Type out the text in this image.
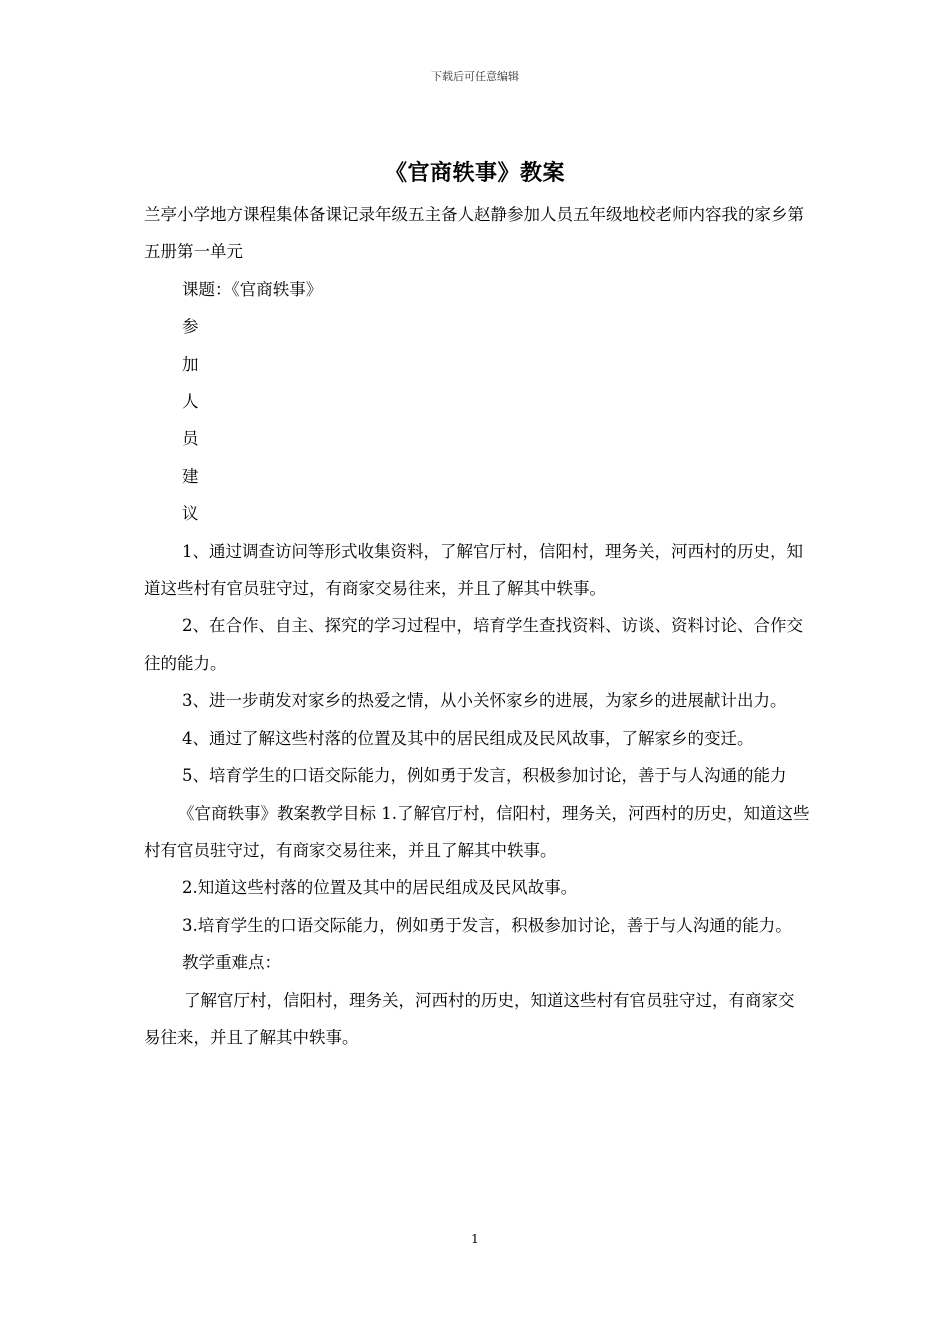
下载后可任意编辑
《官商轶事》教案

兰亭小学地方课程集体备课记录年级五主备人赵静参加人员五年级地校老师内容我的家乡第五册第一单元

课题：《官商轶事》

参

加

人

员

建

议

1、通过调查访问等形式收集资料，了解官厅村，信阳村，理务关，河西村的历史，知道这些村有官员驻守过，有商家交易往来，并且了解其中轶事。

2、在合作、自主、探究的学习过程中，培育学生查找资料、访谈、资料讨论、合作交往的能力。

3、进一步萌发对家乡的热爱之情，从小关怀家乡的进展，为家乡的进展献计出力。

4、通过了解这些村落的位置及其中的居民组成及民风故事，了解家乡的变迁。

5、培育学生的口语交际能力，例如勇于发言，积极参加讨论，善于与人沟通的能力

《官商轶事》教案教学目标 1.了解官厅村，信阳村，理务关，河西村的历史，知道这些村有官员驻守过，有商家交易往来，并且了解其中轶事。

2.知道这些村落的位置及其中的居民组成及民风故事。

3.培育学生的口语交际能力，例如勇于发言，积极参加讨论，善于与人沟通的能力。

教学重难点：

了解官厅村，信阳村，理务关，河西村的历史，知道这些村有官员驻守过，有商家交易往来，并且了解其中轶事。

1
